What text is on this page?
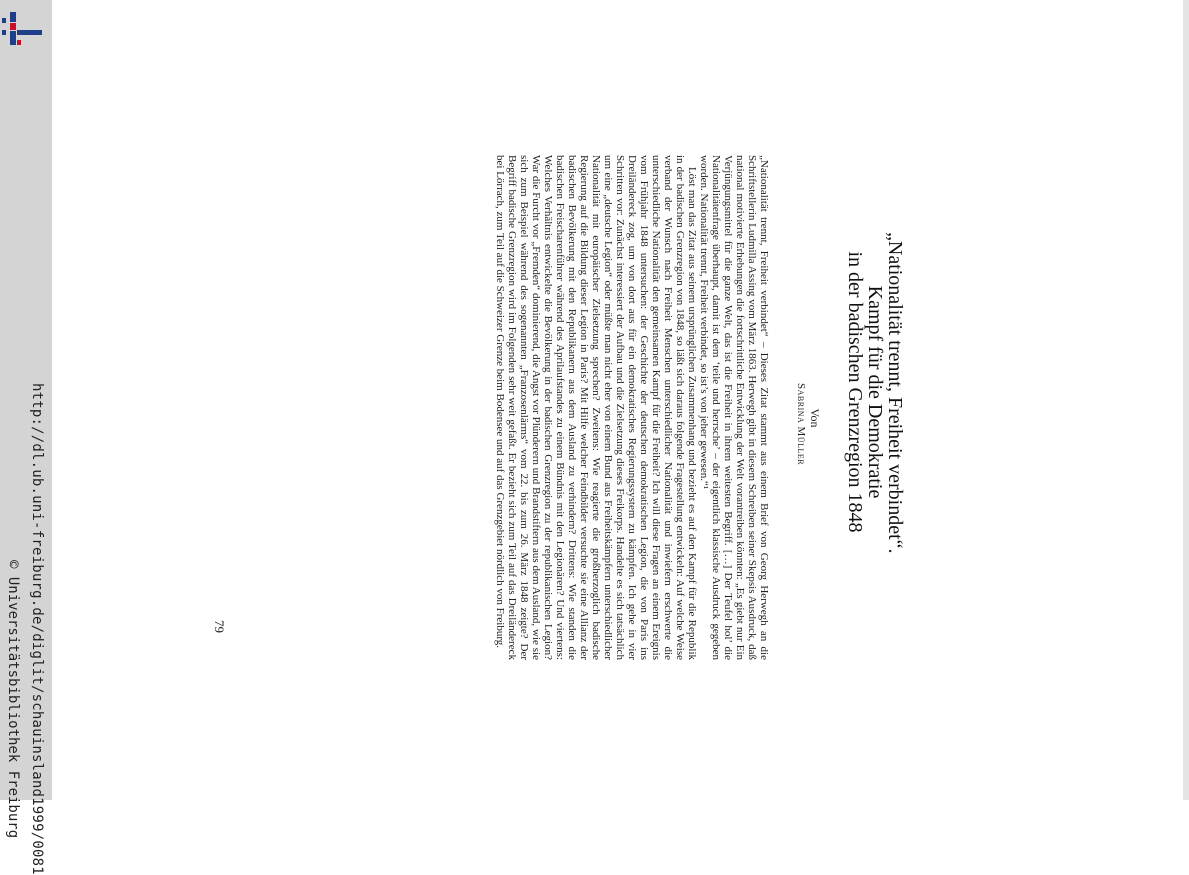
http://dl.ub.uni-freiburg.de/diglit/schauinsland1999/0081
© Universitätsbibliothek Freiburg
„Nationalität trennt, Freiheit verbindet“.
Kampf für die Demokratie
in der badischen Grenzregion 1848
Von
Sabrina Müller

„Nationalität trennt, Freiheit verbindet“ – Dieses Zitat stammt aus einem Brief von Georg Herwegh an die Schriftstellerin Ludmilla Assing vom März 1863. Herwegh gibt in diesem Schreiben seiner Skepsis Ausdruck, daß national motivierte Erhebungen die fortschrittliche Entwicklung der Welt vorantreiben könnten: „Es giebt nur Ein Verjüngungsmittel für die ganze Welt, das ist die Freiheit in ihrem weitesten Begriff. […] Der Teufel hol’ die Nationalitätenfrage überhaupt, damit ist dem ‘teile und herrsche’ – der eigentlich klassische Ausdruck gegeben worden. Nationalität trennt, Freiheit verbindet, so ist’s von jeher gewesen.“¹

Löst man das Zitat aus seinem ursprünglichen Zusammenhang und bezieht es auf den Kampf für die Republik in der badischen Grenzregion von 1848, so läßt sich daraus folgende Fragestellung entwickeln: Auf welche Weise verband der Wunsch nach Freiheit Menschen unterschiedlicher Nationalität und inwiefern erschwerte die unterschiedliche Nationalität den gemeinsamen Kampf für die Freiheit? Ich will diese Fragen an einem Ereignis vom Frühjahr 1848 untersuchen: der Geschichte der deutschen demokratischen Legion, die von Paris ins Dreiländereck zog, um von dort aus für ein demokratisches Regierungssystem zu kämpfen. Ich gehe in vier Schritten vor: Zunächst interessiert der Aufbau und die Zielsetzung dieses Freikorps. Handelte es sich tatsächlich um eine „deutsche Legion“ oder müßte man nicht eher von einem Bund aus Freiheitskämpfern unterschiedlicher Nationalität mit europäischer Zielsetzung sprechen? Zweitens: Wie reagierte die großherzoglich badische Regierung auf die Bildung dieser Legion in Paris? Mit Hilfe welcher Feindbilder versuchte sie eine Allianz der badischen Bevölkerung mit den Republikanern aus dem Ausland zu verhindern? Drittens: Wie standen die badischen Freischarenführer während des Aprilaufstandes zu einem Bündnis mit den Legionären? Und viertens: Welches Verhältnis entwickelte die Bevölkerung in der badischen Grenzregion zu der republikanischen Legion? War die Furcht vor „Fremden“ dominierend, die Angst vor Plünderern und Brandstiftern aus dem Ausland, wie sie sich zum Beispiel während des sogenannten „Franzosenlärms“ vom 22. bis zum 26. März 1848 zeigte? Der Begriff badische Grenzregion wird im Folgenden sehr weit gefaßt. Er bezieht sich zum Teil auf das Dreiländereck bei Lörrach, zum Teil auf die Schweizer Grenze beim Bodensee und auf das Grenzgebiet nördlich von Freiburg.

79
